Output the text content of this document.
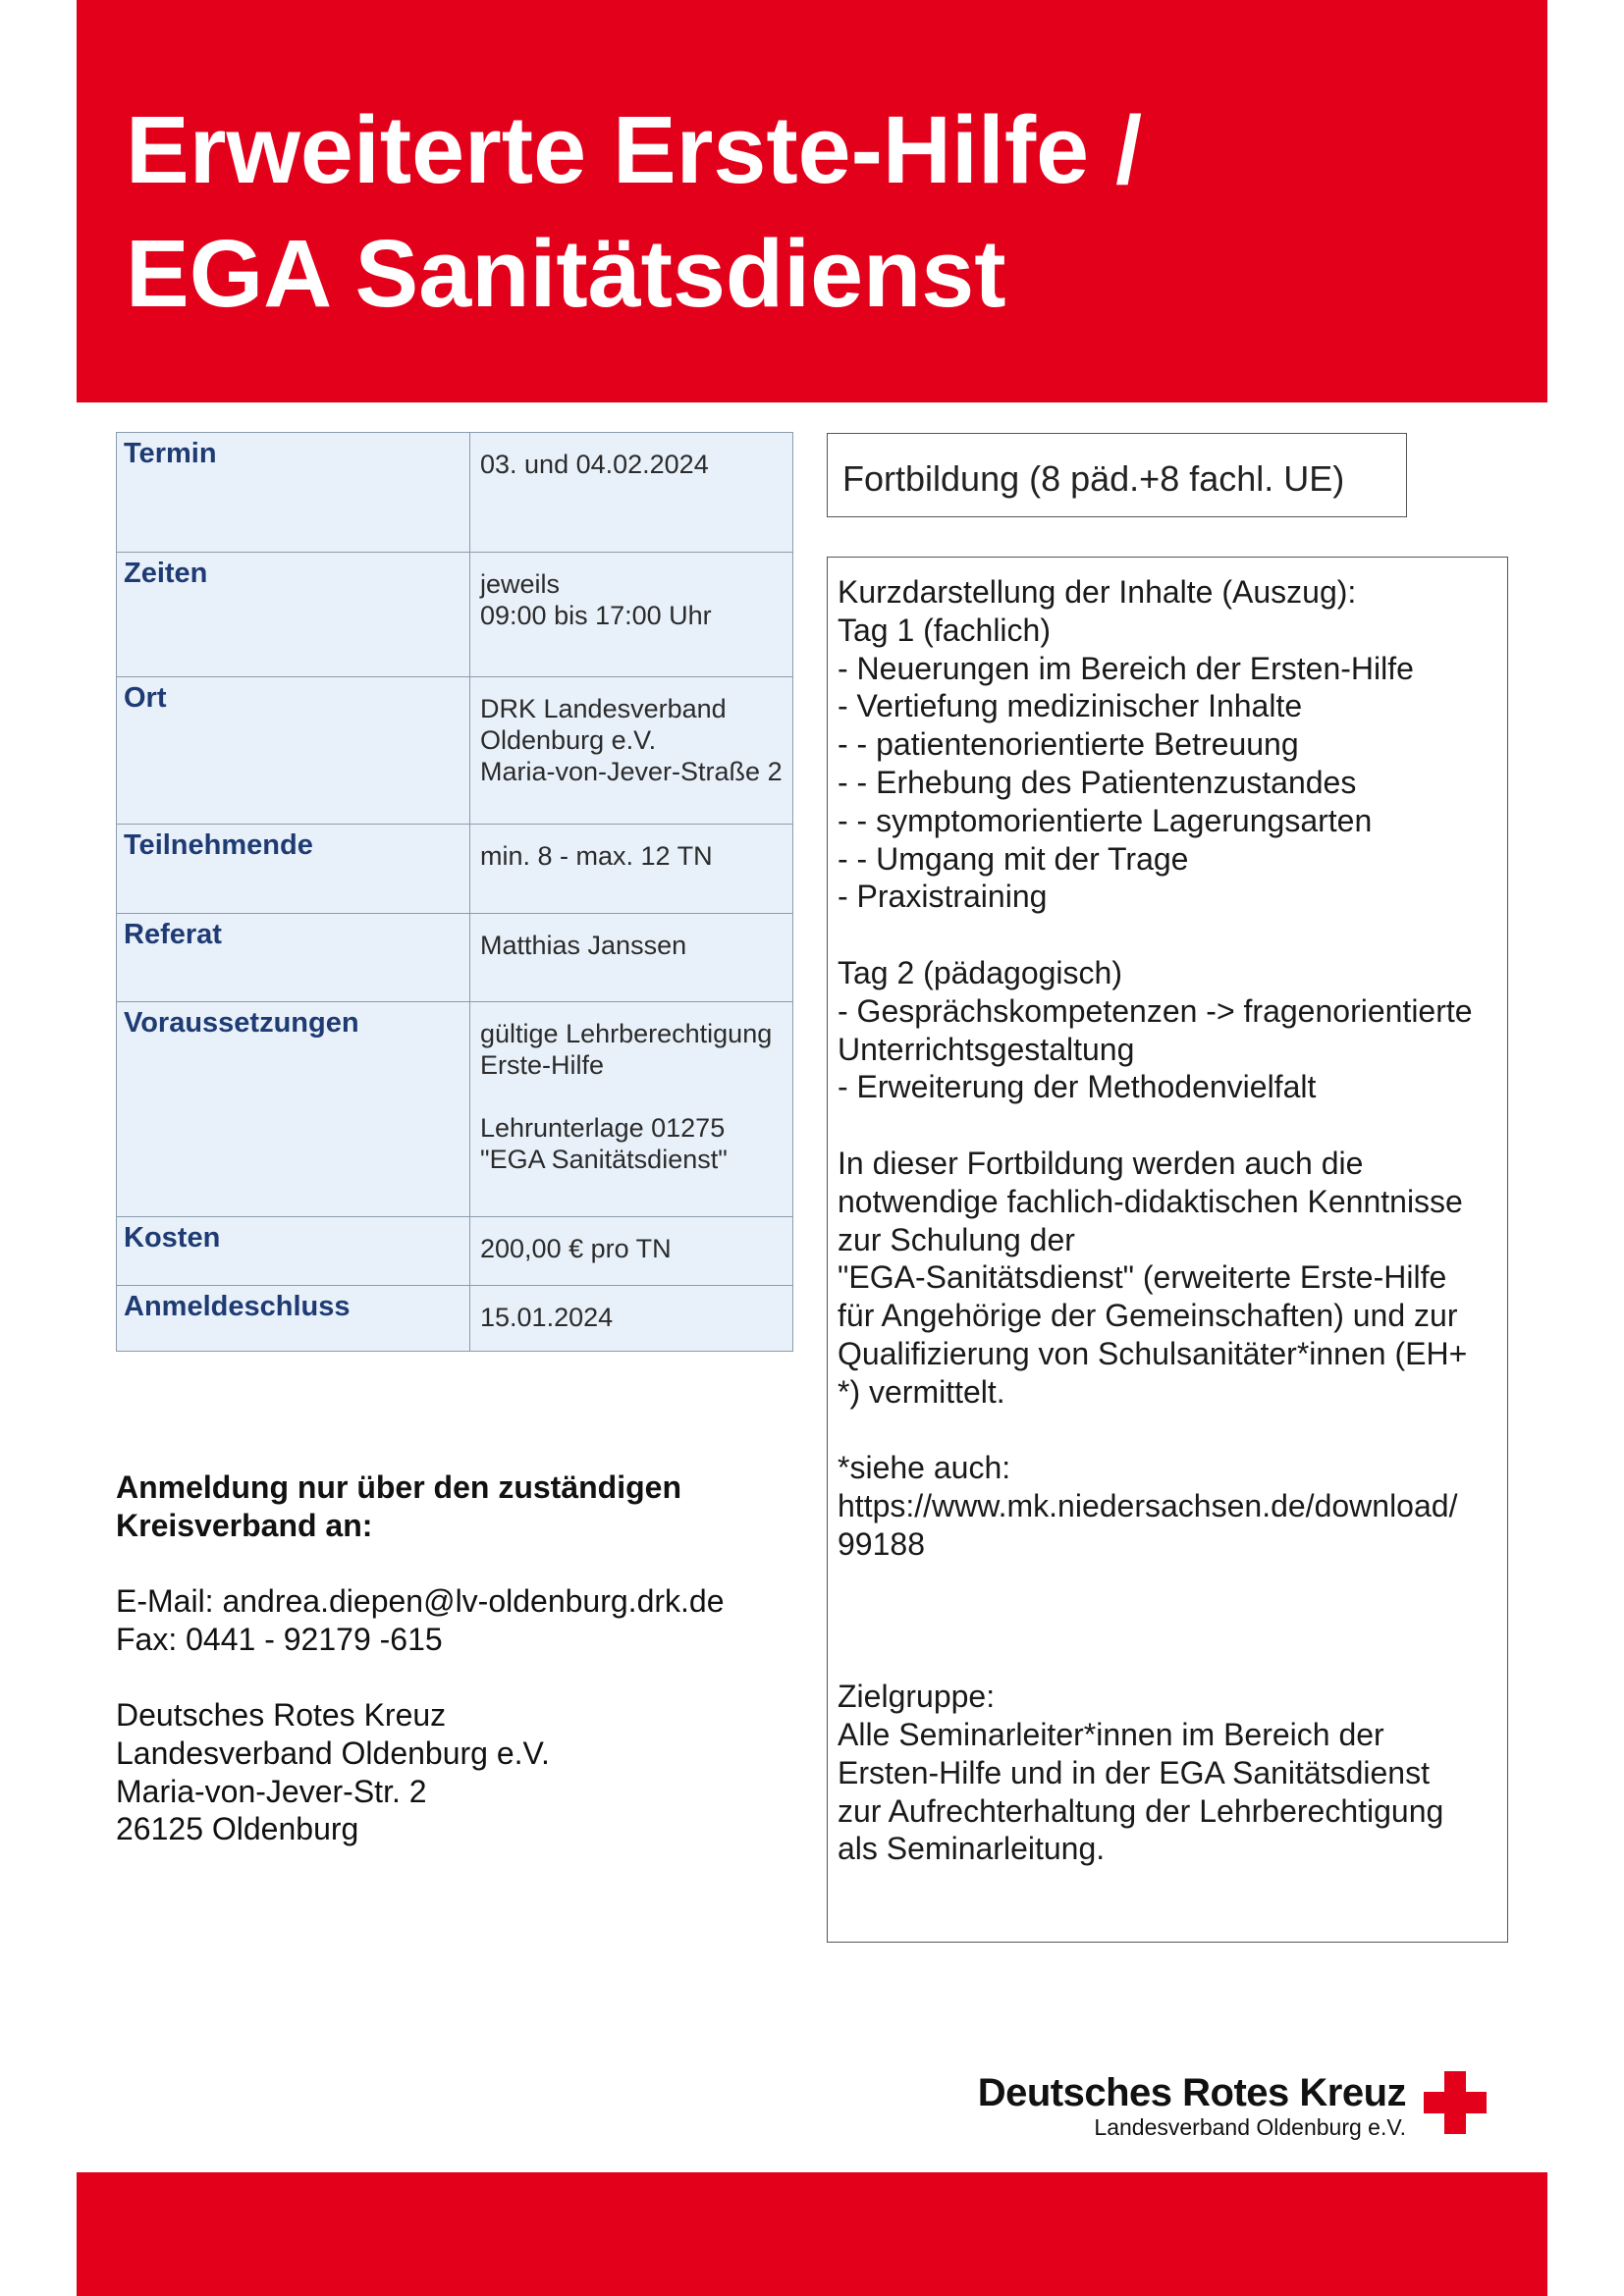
Erweiterte Erste-Hilfe /
EGA Sanitätsdienst
Termin	03. und 04.02.2024

Zeiten	jeweils
09:00 bis 17:00 Uhr

Ort	DRK Landesverband
Oldenburg e.V.
Maria-von-Jever-Straße 2

Teilnehmende	min. 8 - max. 12 TN

Referat	Matthias Janssen

Voraussetzungen	gültige Lehrberechtigung
Erste-Hilfe
Lehrunterlage 01275
"EGA Sanitätsdienst"

Kosten	200,00 € pro TN

Anmeldeschluss	15.01.2024
Fortbildung (8 päd.+8 fachl. UE)
Kurzdarstellung der Inhalte (Auszug):
Tag 1 (fachlich)
- Neuerungen im Bereich der Ersten-Hilfe
- Vertiefung medizinischer Inhalte
- - patientenorientierte Betreuung
- - Erhebung des Patientenzustandes
- - symptomorientierte Lagerungsarten
- - Umgang mit der Trage
- Praxistraining
Tag 2 (pädagogisch)
- Gesprächskompetenzen -> fragenorientierte
Unterrichtsgestaltung
- Erweiterung der Methodenvielfalt
In dieser Fortbildung werden auch die
notwendige fachlich-didaktischen Kenntnisse
zur Schulung der
"EGA-Sanitätsdienst" (erweiterte Erste-Hilfe
für Angehörige der Gemeinschaften) und zur
Qualifizierung von Schulsanitäter*innen (EH+
*) vermittelt.
*siehe auch:
https://www.mk.niedersachsen.de/download/
99188
Zielgruppe:
Alle Seminarleiter*innen im Bereich der
Ersten-Hilfe und in der EGA Sanitätsdienst
zur Aufrechterhaltung der Lehrberechtigung
als Seminarleitung.
Anmeldung nur über den zuständigen
Kreisverband an:
E-Mail: andrea.diepen@lv-oldenburg.drk.de
Fax: 0441 - 92179 -615
Deutsches Rotes Kreuz
Landesverband Oldenburg e.V.
Maria-von-Jever-Str. 2
26125 Oldenburg
Deutsches Rotes Kreuz
Landesverband Oldenburg e.V.
